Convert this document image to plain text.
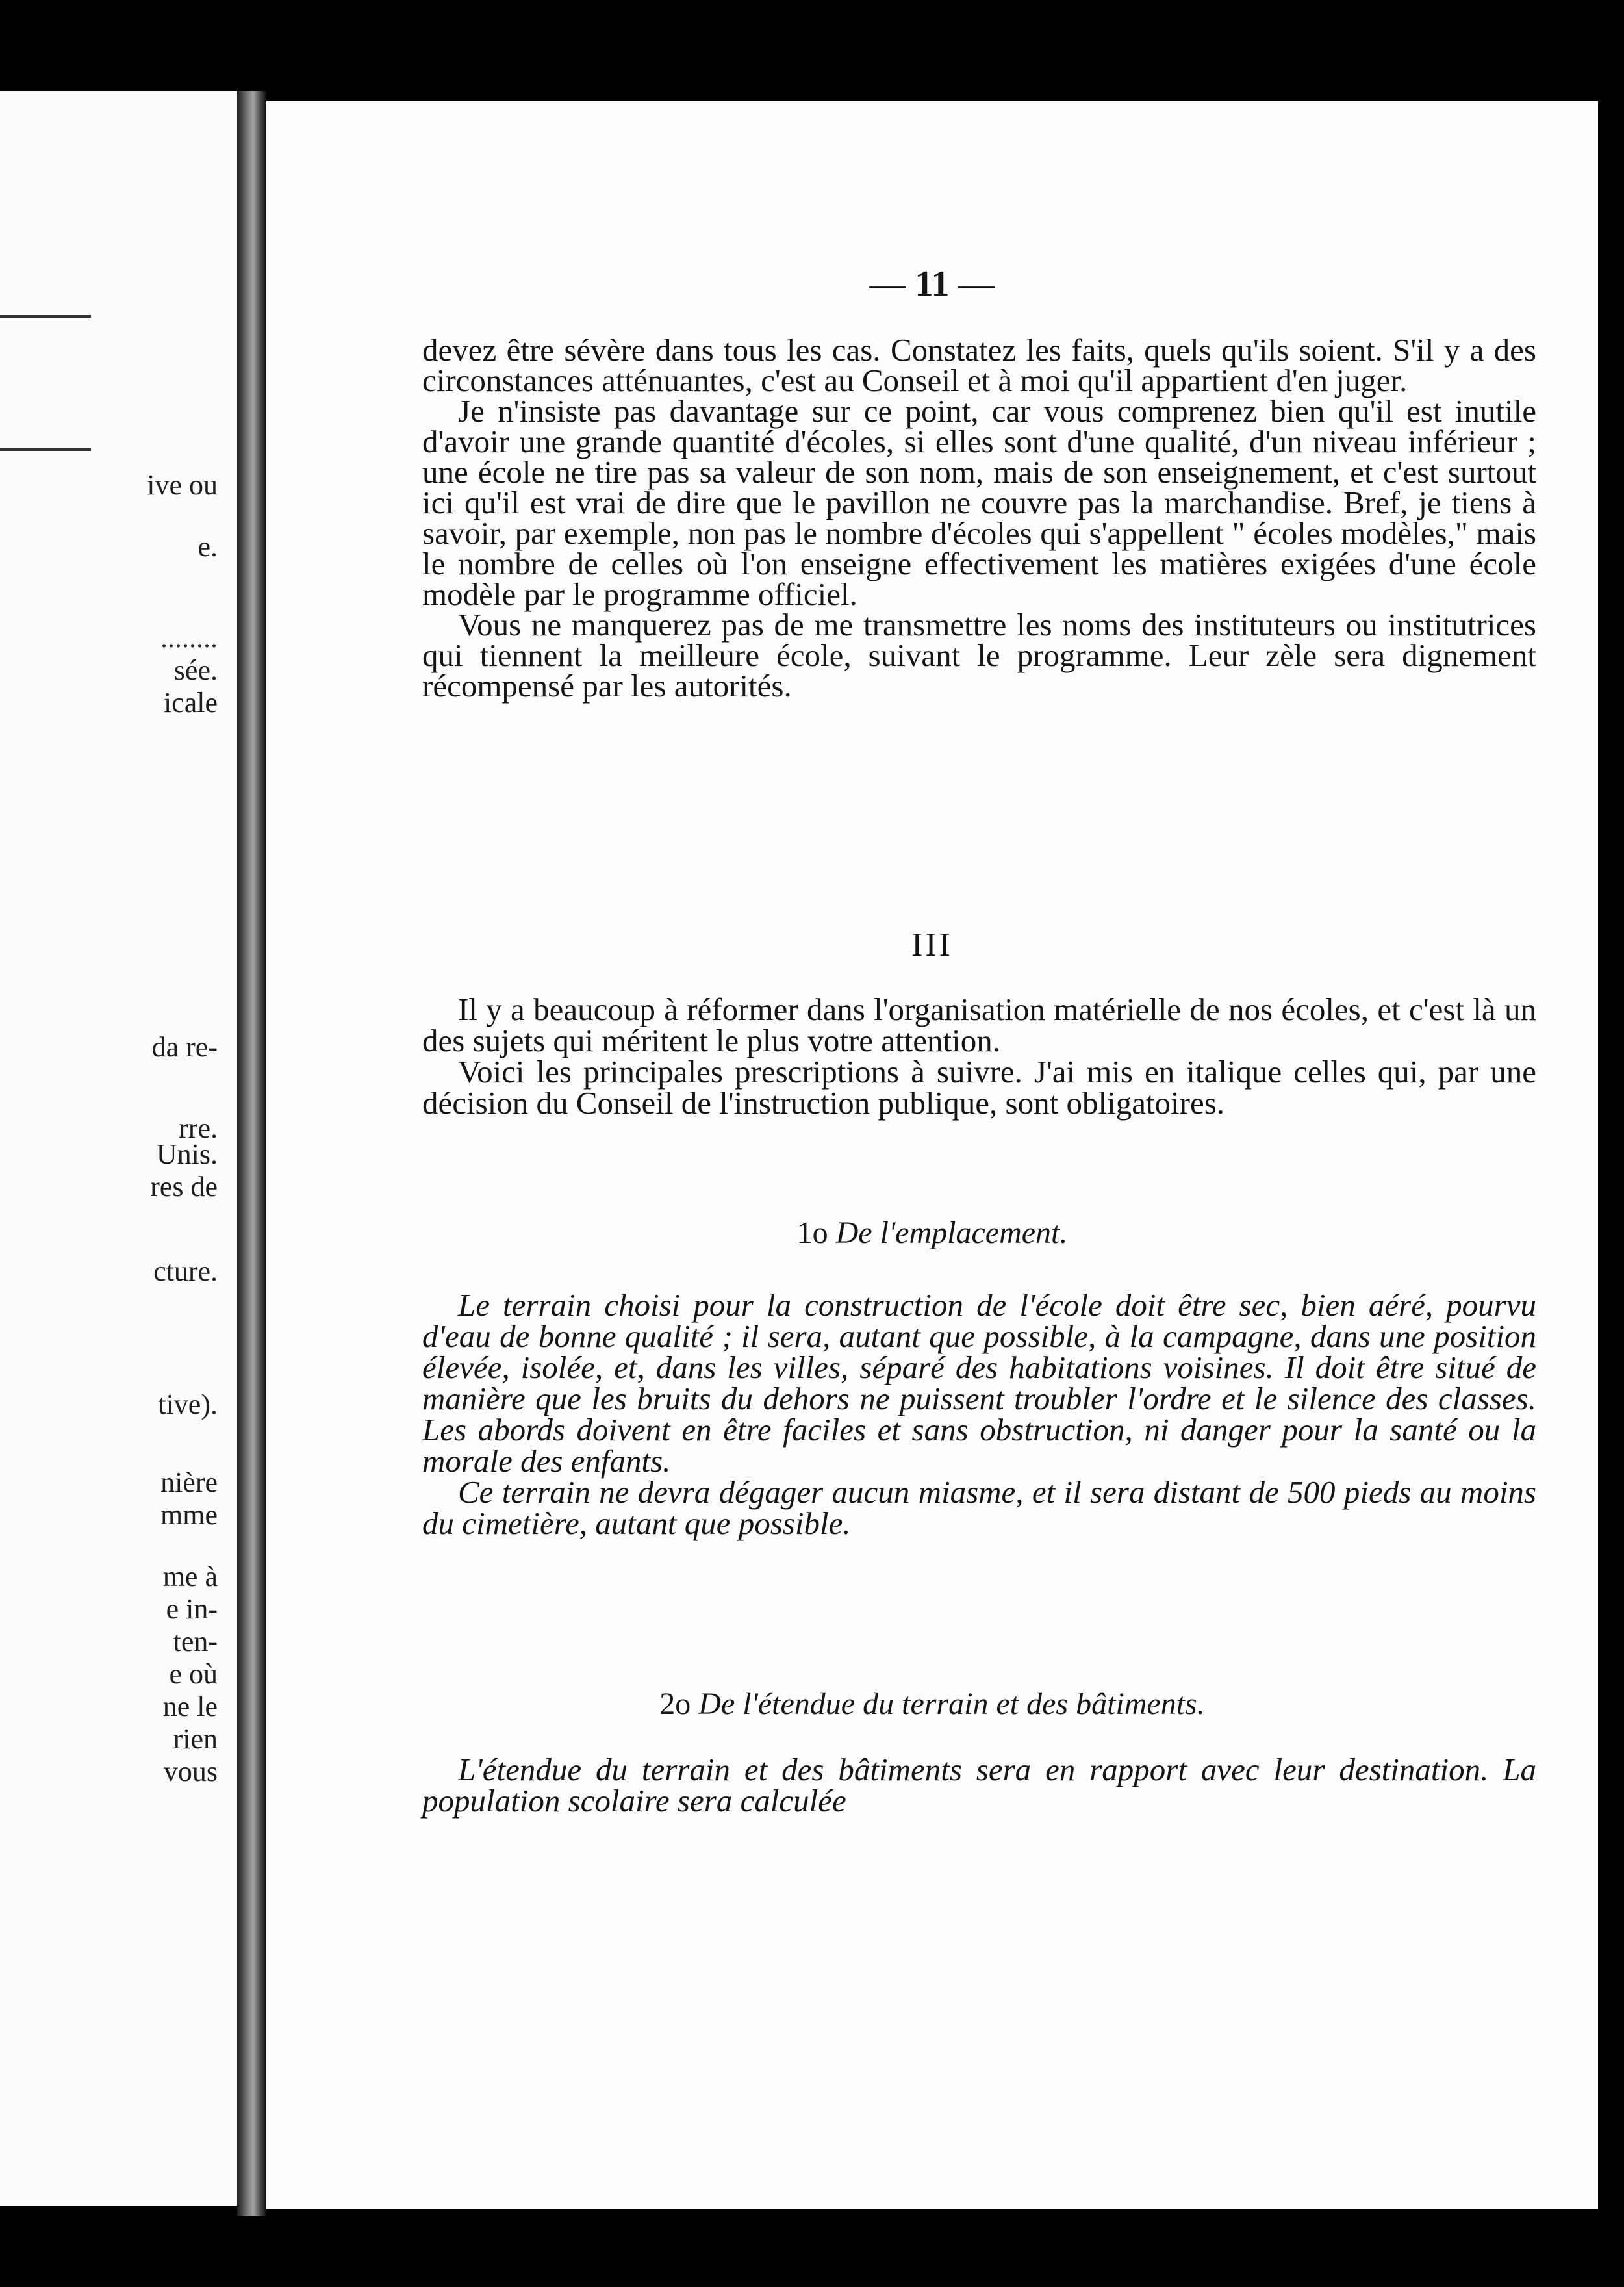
ive ou
e.
........
sée.
icale
da re-
rre.
Unis.
res de
cture.
tive).
nière
mme
me à
e in-
ten-
e où
ne le
rien
vous
— 11 —

devez être sévère dans tous les cas. Constatez les faits, quels qu'ils soient. S'il y a des circonstances atténuantes, c'est au Conseil et à moi qu'il appartient d'en juger.

Je n'insiste pas davantage sur ce point, car vous comprenez bien qu'il est inutile d'avoir une grande quantité d'écoles, si elles sont d'une qualité, d'un niveau inférieur ; une école ne tire pas sa valeur de son nom, mais de son enseignement, et c'est surtout ici qu'il est vrai de dire que le pavillon ne couvre pas la marchandise. Bref, je tiens à savoir, par exemple, non pas le nombre d'écoles qui s'appellent " écoles modèles," mais le nombre de celles où l'on enseigne effectivement les matières exigées d'une école modèle par le programme officiel.

Vous ne manquerez pas de me transmettre les noms des instituteurs ou institutrices qui tiennent la meilleure école, suivant le programme. Leur zèle sera dignement récompensé par les autorités.

III

Il y a beaucoup à réformer dans l'organisation matérielle de nos écoles, et c'est là un des sujets qui méritent le plus votre attention.

Voici les principales prescriptions à suivre. J'ai mis en italique celles qui, par une décision du Conseil de l'instruction publique, sont obligatoires.

1o De l'emplacement.

Le terrain choisi pour la construction de l'école doit être sec, bien aéré, pourvu d'eau de bonne qualité ; il sera, autant que possible, à la campagne, dans une position élevée, isolée, et, dans les villes, séparé des habitations voisines. Il doit être situé de manière que les bruits du dehors ne puissent troubler l'ordre et le silence des classes. Les abords doivent en être faciles et sans obstruction, ni danger pour la santé ou la morale des enfants.

Ce terrain ne devra dégager aucun miasme, et il sera distant de 500 pieds au moins du cimetière, autant que possible.

2o De l'étendue du terrain et des bâtiments.

L'étendue du terrain et des bâtiments sera en rapport avec leur destination. La population scolaire sera calculée
